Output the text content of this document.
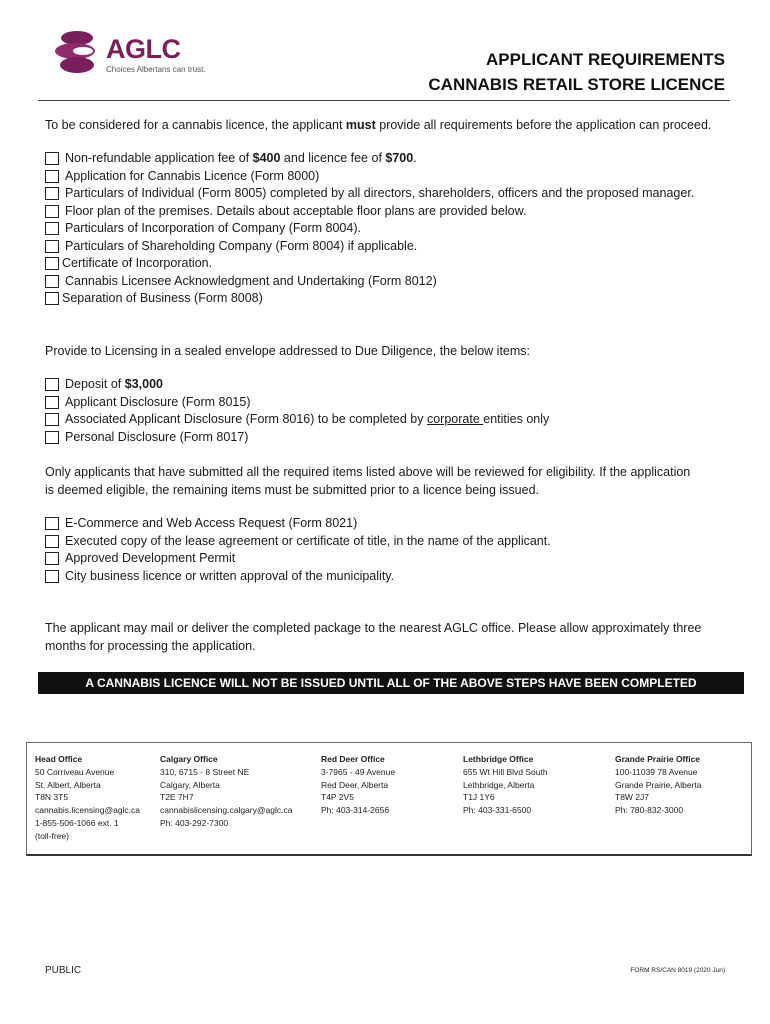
AGLC
Choices Albertans can trust.
APPLICANT REQUIREMENTS
CANNABIS RETAIL STORE LICENCE
To be considered for a cannabis licence, the applicant must provide all requirements before the application can proceed.
Non-refundable application fee of $400 and licence fee of $700.
Application for Cannabis Licence (Form 8000)
Particulars of Individual (Form 8005) completed by all directors, shareholders, officers and the proposed manager.
Floor plan of the premises. Details about acceptable floor plans are provided below.
Particulars of Incorporation of Company (Form 8004).
Particulars of Shareholding Company (Form 8004) if applicable.
Certificate of Incorporation.
Cannabis Licensee Acknowledgment and Undertaking (Form 8012)
Separation of Business (Form 8008)
Provide to Licensing in a sealed envelope addressed to Due Diligence, the below items:
Deposit of $3,000
Applicant Disclosure (Form 8015)
Associated Applicant Disclosure (Form 8016) to be completed by corporate entities only
Personal Disclosure (Form 8017)
Only applicants that have submitted all the required items listed above will be reviewed for eligibility. If the application
is deemed eligible, the remaining items must be submitted prior to a licence being issued.
E-Commerce and Web Access Request (Form 8021)
Executed copy of the lease agreement or certificate of title, in the name of the applicant.
Approved Development Permit
City business licence or written approval of the municipality.
The applicant may mail or deliver the completed package to the nearest AGLC office. Please allow approximately three
months for processing the application.
A CANNABIS LICENCE WILL NOT BE ISSUED UNTIL ALL OF THE ABOVE STEPS HAVE BEEN COMPLETED
Head Office
50 Corriveau Avenue
St. Albert, Alberta
T8N 3T5
cannabis.licensing@aglc.ca
1-855-506-1066 ext. 1
(toll-free)
Calgary Office
310, 6715 - 8 Street NE
Calgary, Alberta
T2E 7H7
cannabislicensing.calgary@aglc.ca
Ph: 403-292-7300
Red Deer Office
3-7965 - 49 Avenue
Red Deer, Alberta
T4P 2V5
Ph: 403-314-2656
Lethbridge Office
655 Wt Hill Blvd South
Lethbridge, Alberta
T1J 1Y6
Ph: 403-331-6500
Grande Prairie Office
100-11039 78 Avenue
Grande Prairie, Alberta
T8W 2J7
Ph: 780-832-3000
PUBLIC	FORM RS/CAN 8019 (2020 Jun)
